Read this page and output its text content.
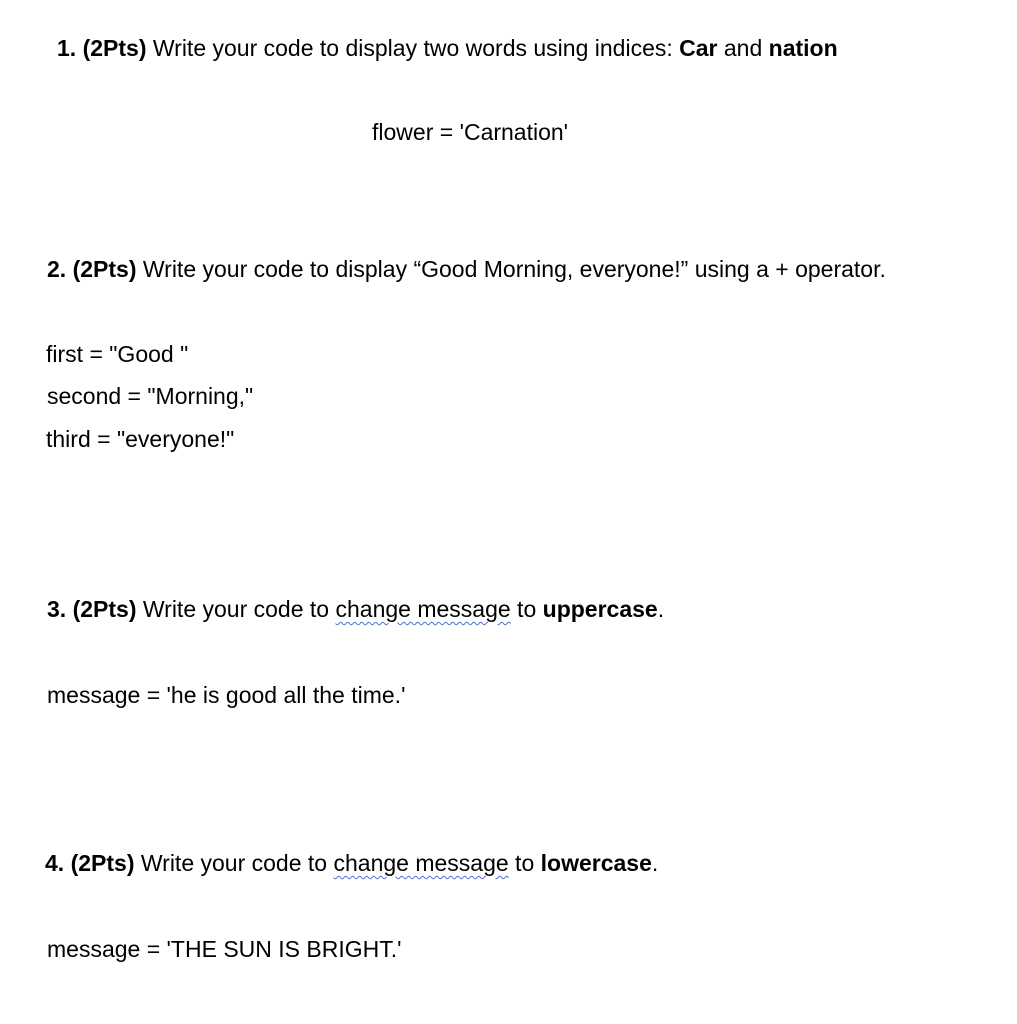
1. (2Pts) Write your code to display two words using indices: Car and nation
flower = 'Carnation'
2. (2Pts) Write your code to display “Good Morning, everyone!” using a + operator.
first = "Good "
second = "Morning,"
third = "everyone!"
3. (2Pts) Write your code to change message to uppercase.
message = 'he is good all the time.'
4. (2Pts) Write your code to change message to lowercase.
message = 'THE SUN IS BRIGHT.'
